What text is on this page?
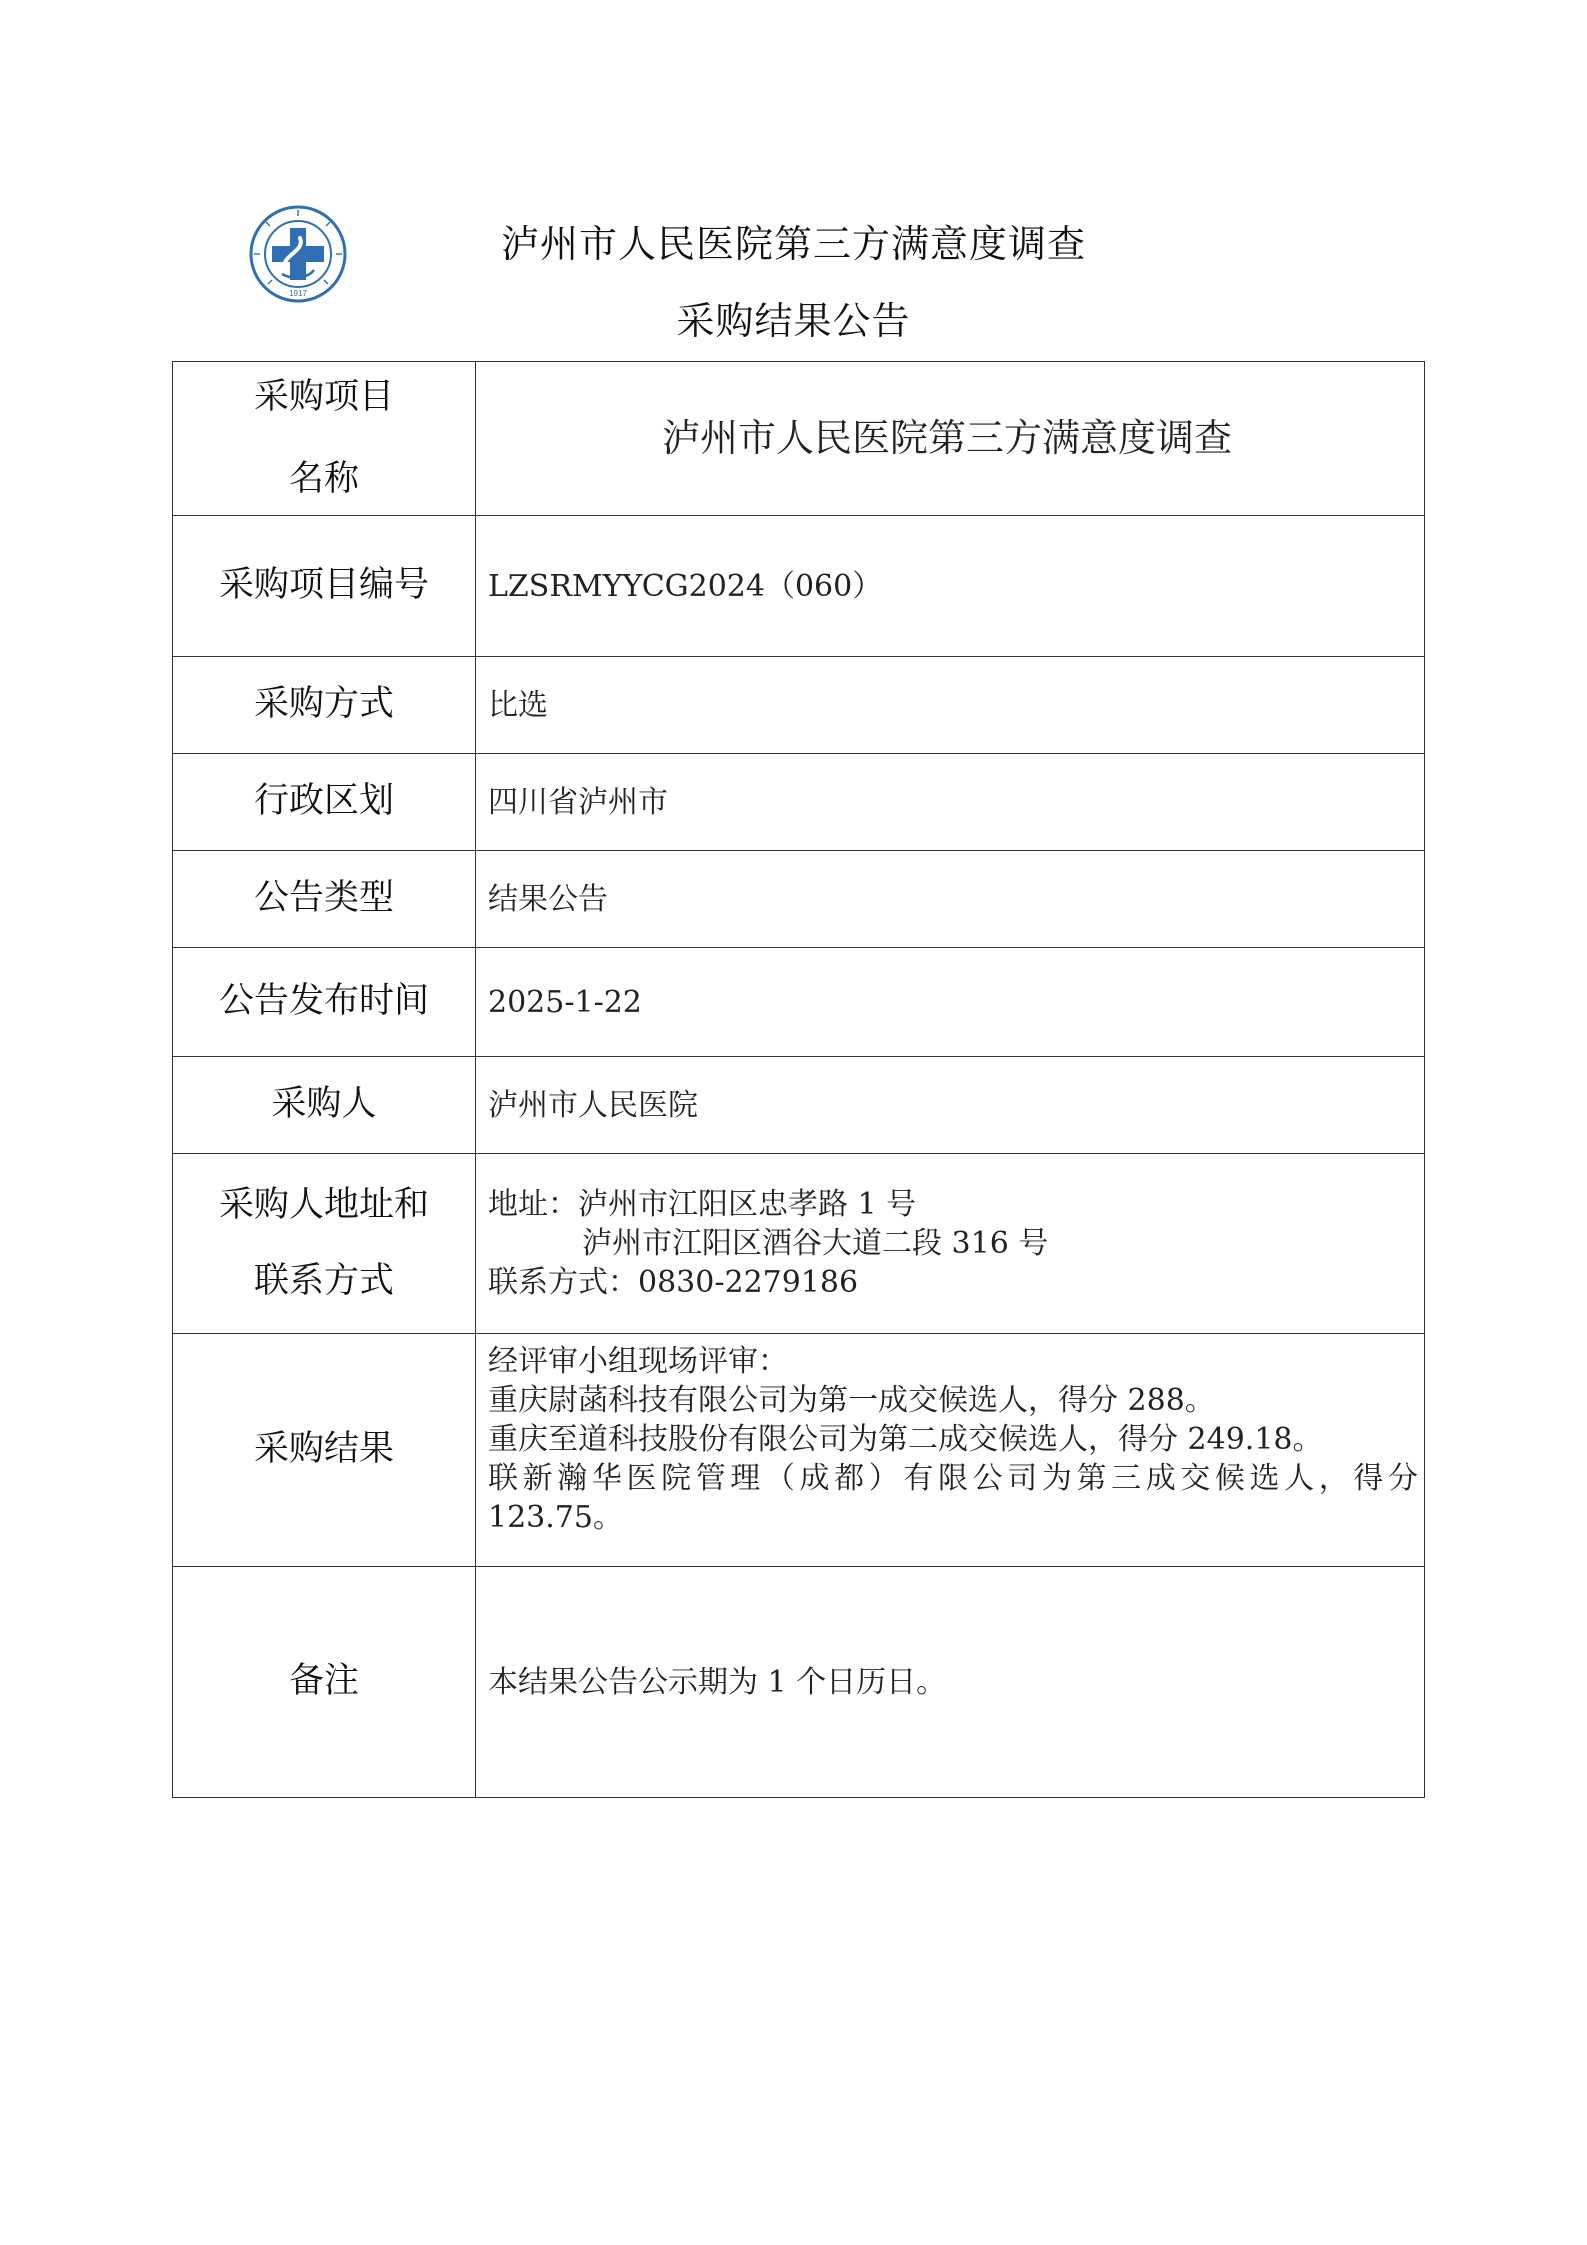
1917
泸州市人民医院第三方满意度调查
采购结果公告
采购项目
名称	泸州市人民医院第三方满意度调查
采购项目编号	LZSRMYYCG2024（060）
采购方式	比选
行政区划	四川省泸州市
公告类型	结果公告
公告发布时间	2025-1-22
采购人	泸州市人民医院

采购人地址和
联系方式	地址：泸州市江阳区忠孝路 1 号
泸州市江阳区酒谷大道二段 316 号
联系方式：0830-2279186

采购结果	经评审小组现场评审：
重庆尉菡科技有限公司为第一成交候选人，得分 288。
重庆至道科技股份有限公司为第二成交候选人，得分 249.18。
联新瀚华医院管理（成都）有限公司为第三成交候选人，得分 123.75。

备注	本结果公告公示期为 1 个日历日。
